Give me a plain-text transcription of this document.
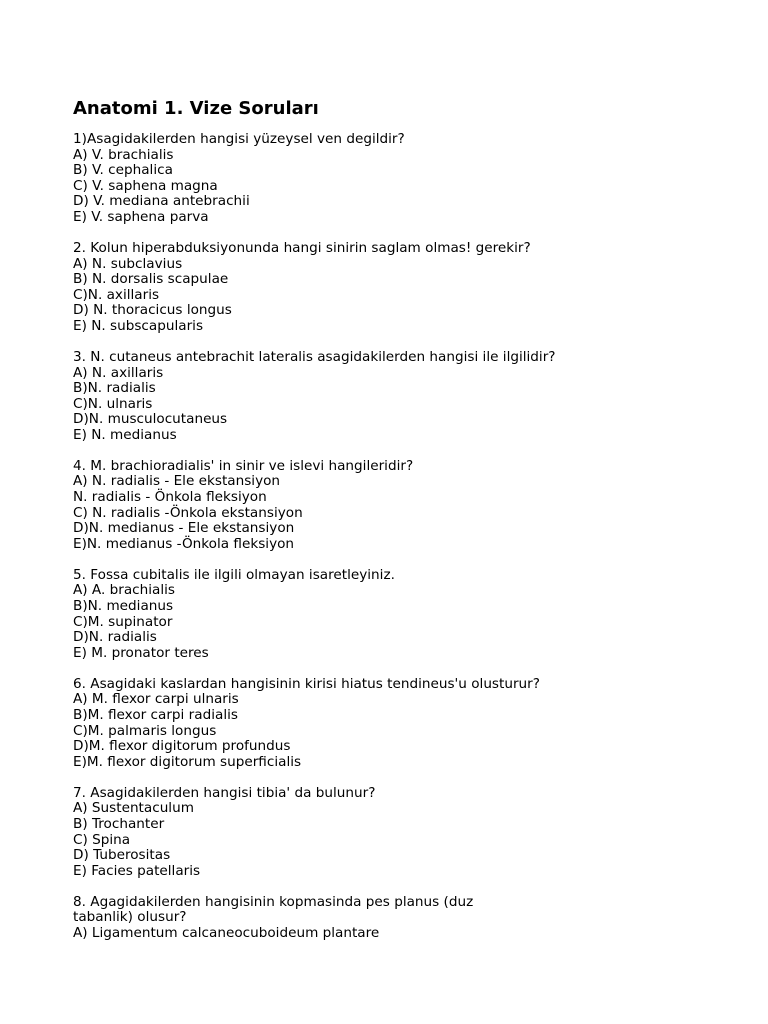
Anatomi 1. Vize Soruları
1)Asagidakilerden hangisi yüzeysel ven degildir?
A) V. brachialis
B) V. cephalica
C) V. saphena magna
D) V. mediana antebrachii
E) V. saphena parva
2. Kolun hiperabduksiyonunda hangi sinirin saglam olmas! gerekir?
A) N. subclavius
B) N. dorsalis scapulae
C)N. axillaris
D) N. thoracicus longus
E) N. subscapularis
3. N. cutaneus antebrachit lateralis asagidakilerden hangisi ile ilgilidir?
A) N. axillaris
B)N. radialis
C)N. ulnaris
D)N. musculocutaneus
E) N. medianus
4. M. brachioradialis' in sinir ve islevi hangileridir?
A) N. radialis - Ele ekstansiyon
N. radialis - Önkola fleksiyon
C) N. radialis -Önkola ekstansiyon
D)N. medianus - Ele ekstansiyon
E)N. medianus -Önkola fleksiyon
5. Fossa cubitalis ile ilgili olmayan isaretleyiniz.
A) A. brachialis
B)N. medianus
C)M. supinator
D)N. radialis
E) M. pronator teres
6. Asagidaki kaslardan hangisinin kirisi hiatus tendineus'u olusturur?
A) M. flexor carpi ulnaris
B)M. flexor carpi radialis
C)M. palmaris longus
D)M. flexor digitorum profundus
E)M. flexor digitorum superficialis
7. Asagidakilerden hangisi tibia' da bulunur?
A) Sustentaculum
B) Trochanter
C) Spina
D) Tuberositas
E) Facies patellaris
8. Agagidakilerden hangisinin kopmasinda pes planus (duz
tabanlik) olusur?
A) Ligamentum calcaneocuboideum plantare
